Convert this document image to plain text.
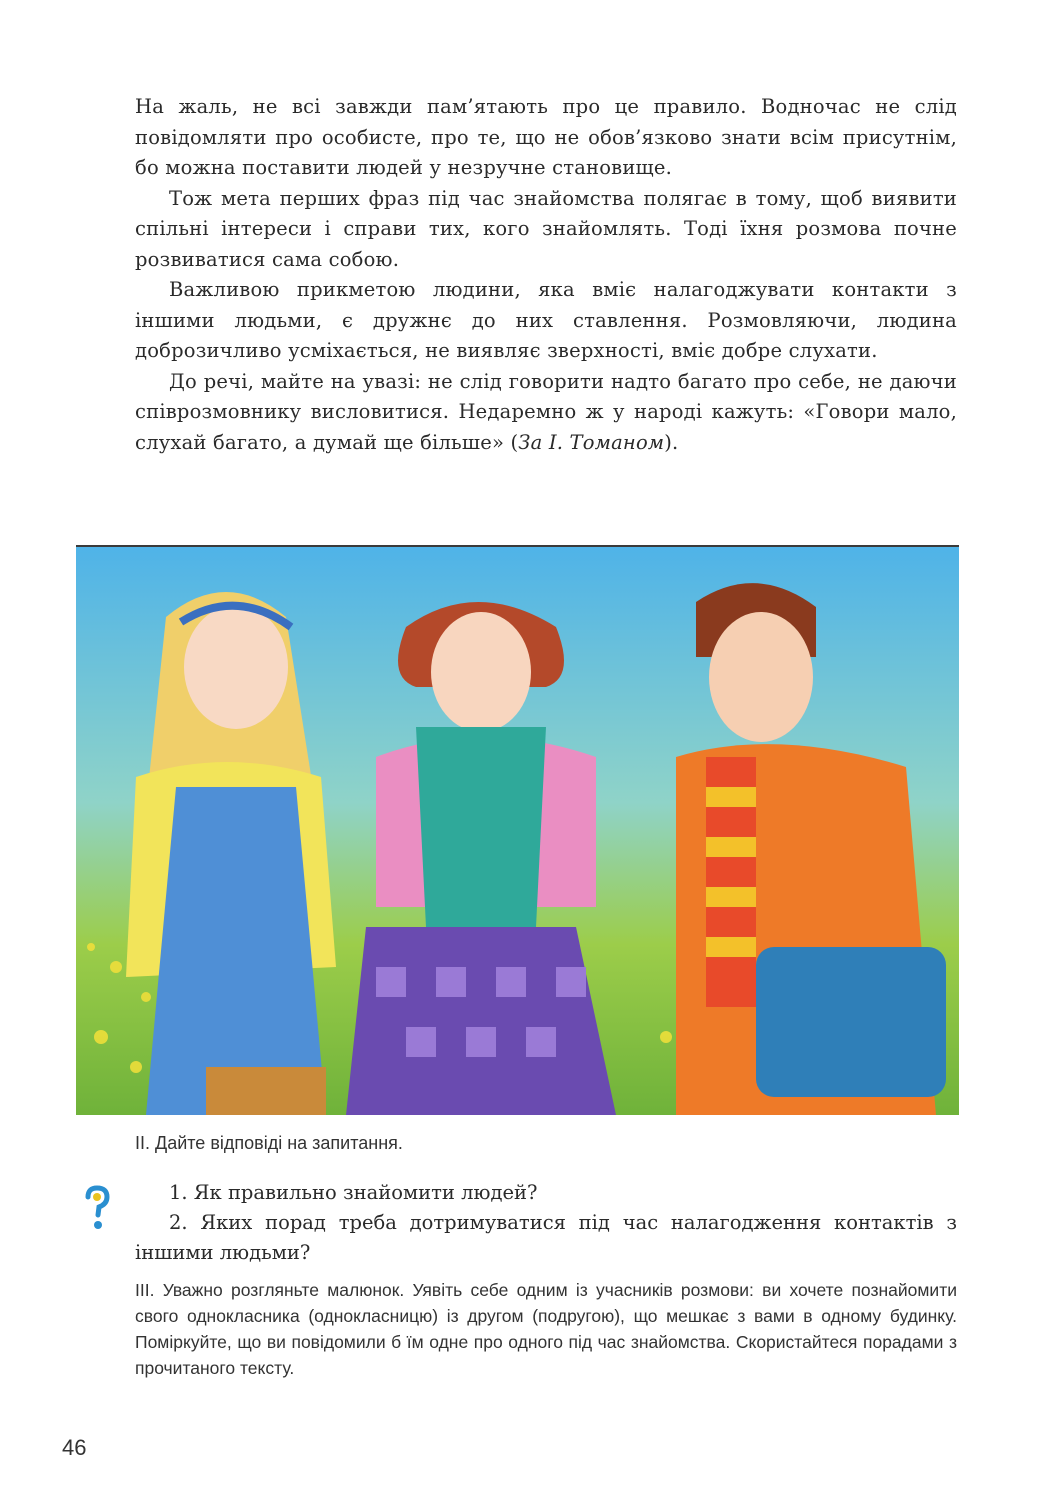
На жаль, не всі завжди пам’ятають про це правило. Водночас не слід повідомляти про особисте, про те, що не обов’язково знати всім присутнім, бо можна поставити людей у незручне становище.

Тож мета перших фраз під час знайомства полягає в тому, щоб виявити спільні інтереси і справи тих, кого знайомлять. Тоді їхня розмова почне розвиватися сама собою.

Важливою прикметою людини, яка вміє налагоджувати контакти з іншими людьми, є дружнє до них ставлення. Розмовляючи, людина доброзичливо усміхається, не виявляє зверхності, вміє добре слухати.

До речі, майте на увазі: не слід говорити надто багато про себе, не даючи співрозмовнику висловитися. Недаремно ж у народі кажуть: «Говори мало, слухай багато, а думай ще більше» (За І. Томаном).

ІІ. Дайте відповіді на запитання.

1. Як правильно знайомити людей?

2. Яких порад треба дотримуватися під час налагодження контактів з іншими людьми?

ІІІ. Уважно розгляньте малюнок. Уявіть себе одним із учасників розмови: ви хочете познайомити свого однокласника (однокласницю) із другом (подругою), що мешкає з вами в одному будинку. Поміркуйте, що ви повідомили б їм одне про одного під час знайомства. Скористайтеся порадами з прочитаного тексту.
46
